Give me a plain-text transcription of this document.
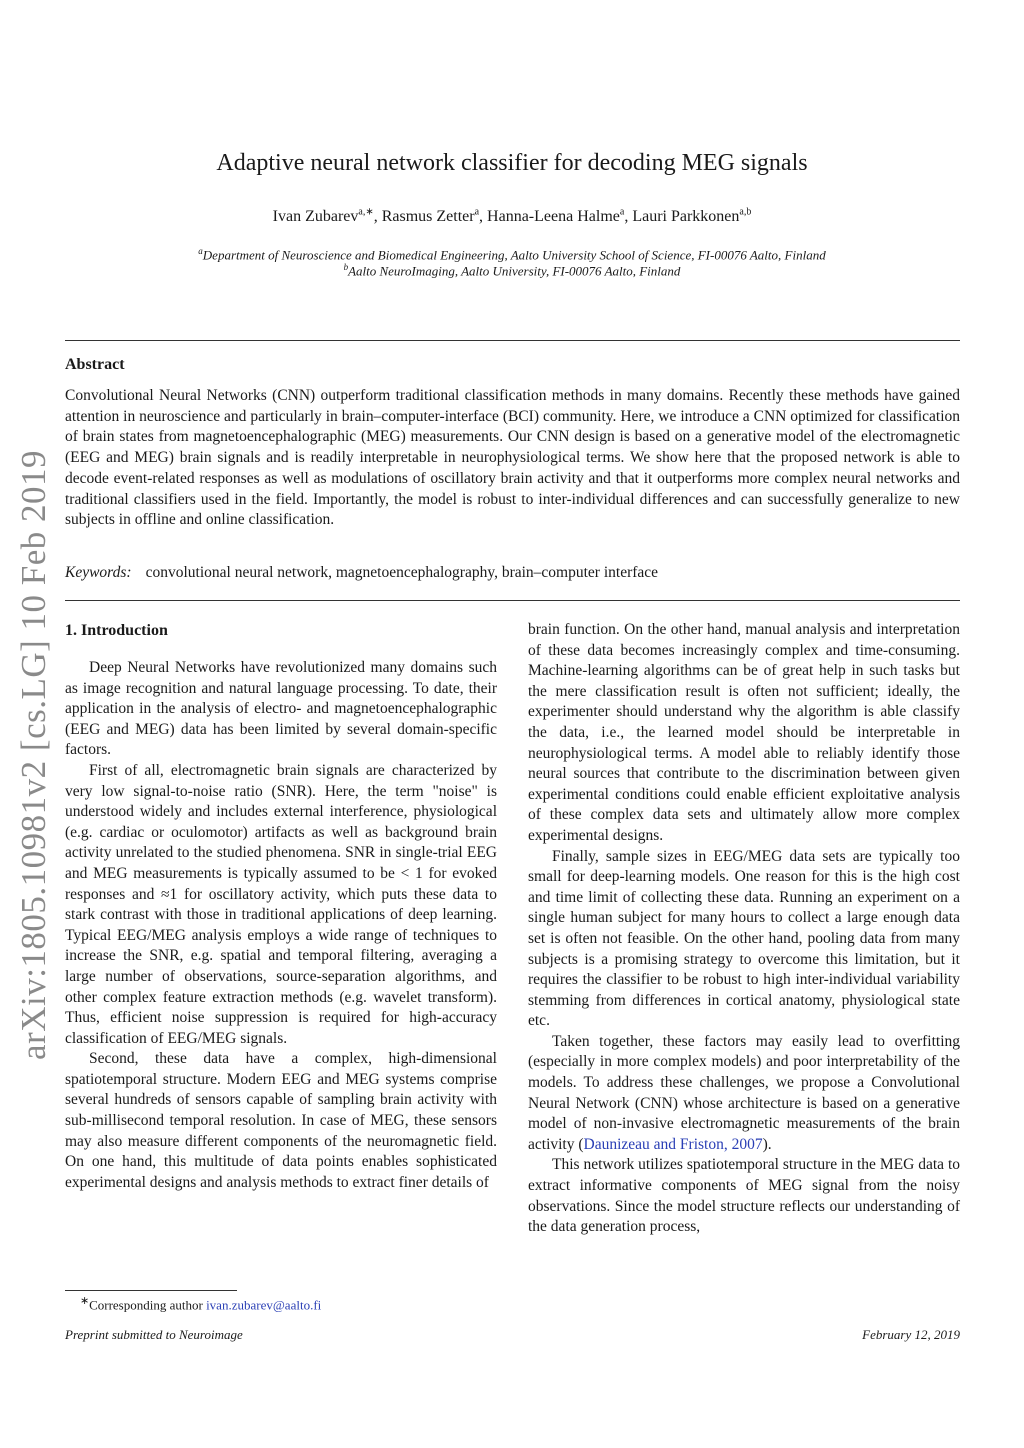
arXiv:1805.10981v2 [cs.LG] 10 Feb 2019
Adaptive neural network classifier for decoding MEG signals
Ivan Zubarev$^{a,∗}$, Rasmus Zetter$^a$, Hanna-Leena Halme$^a$, Lauri Parkkonen$^{a,b}$
$^a$Department of Neuroscience and Biomedical Engineering, Aalto University School of Science, FI-00076 Aalto, Finland
$^b$Aalto NeuroImaging, Aalto University, FI-00076 Aalto, Finland
Abstract
Convolutional Neural Networks (CNN) outperform traditional classification methods in many domains. Recently these methods have gained attention in neuroscience and particularly in brain–computer-interface (BCI) community. Here, we introduce a CNN optimized for classification of brain states from magnetoencephalographic (MEG) measurements. Our CNN design is based on a generative model of the electromagnetic (EEG and MEG) brain signals and is readily interpretable in neurophysiological terms. We show here that the proposed network is able to decode event-related responses as well as modulations of oscillatory brain activity and that it outperforms more complex neural networks and traditional classifiers used in the field. Importantly, the model is robust to inter-individual differences and can successfully generalize to new subjects in offline and online classification.
Keywords: convolutional neural network, magnetoencephalography, brain–computer interface
1. Introduction

Deep Neural Networks have revolutionized many domains such as image recognition and natural language processing. To date, their application in the analysis of electro- and magnetoencephalographic (EEG and MEG) data has been limited by several domain-specific factors.

First of all, electromagnetic brain signals are characterized by very low signal-to-noise ratio (SNR). Here, the term "noise" is understood widely and includes external interference, physiological (e.g. cardiac or oculomotor) artifacts as well as background brain activity unrelated to the studied phenomena. SNR in single-trial EEG and MEG measurements is typically assumed to be < 1 for evoked responses and ≈1 for oscillatory activity, which puts these data to stark contrast with those in traditional applications of deep learning. Typical EEG/MEG analysis employs a wide range of techniques to increase the SNR, e.g. spatial and temporal filtering, averaging a large number of observations, source-separation algorithms, and other complex feature extraction methods (e.g. wavelet transform). Thus, efficient noise suppression is required for high-accuracy classification of EEG/MEG signals.

Second, these data have a complex, high-dimensional spatiotemporal structure. Modern EEG and MEG systems comprise several hundreds of sensors capable of sampling brain activity with sub-millisecond temporal resolution. In case of MEG, these sensors may also measure different components of the neuromagnetic field. On one hand, this multitude of data points enables sophisticated experimental designs and analysis methods to extract finer details of

brain function. On the other hand, manual analysis and interpretation of these data becomes increasingly complex and time-consuming. Machine-learning algorithms can be of great help in such tasks but the mere classification result is often not sufficient; ideally, the experimenter should understand why the algorithm is able classify the data, i.e., the learned model should be interpretable in neurophysiological terms. A model able to reliably identify those neural sources that contribute to the discrimination between given experimental conditions could enable efficient exploitative analysis of these complex data sets and ultimately allow more complex experimental designs.

Finally, sample sizes in EEG/MEG data sets are typically too small for deep-learning models. One reason for this is the high cost and time limit of collecting these data. Running an experiment on a single human subject for many hours to collect a large enough data set is often not feasible. On the other hand, pooling data from many subjects is a promising strategy to overcome this limitation, but it requires the classifier to be robust to high inter-individual variability stemming from differences in cortical anatomy, physiological state etc.

Taken together, these factors may easily lead to overfitting (especially in more complex models) and poor interpretability of the models. To address these challenges, we propose a Convolutional Neural Network (CNN) whose architecture is based on a generative model of non-invasive electromagnetic measurements of the brain activity (Daunizeau and Friston, 2007).

This network utilizes spatiotemporal structure in the MEG data to extract informative components of MEG signal from the noisy observations. Since the model structure reflects our understanding of the data generation process,

∗Corresponding author ivan.zubarev@aalto.fi
Preprint submitted to Neuroimage	February 12, 2019
